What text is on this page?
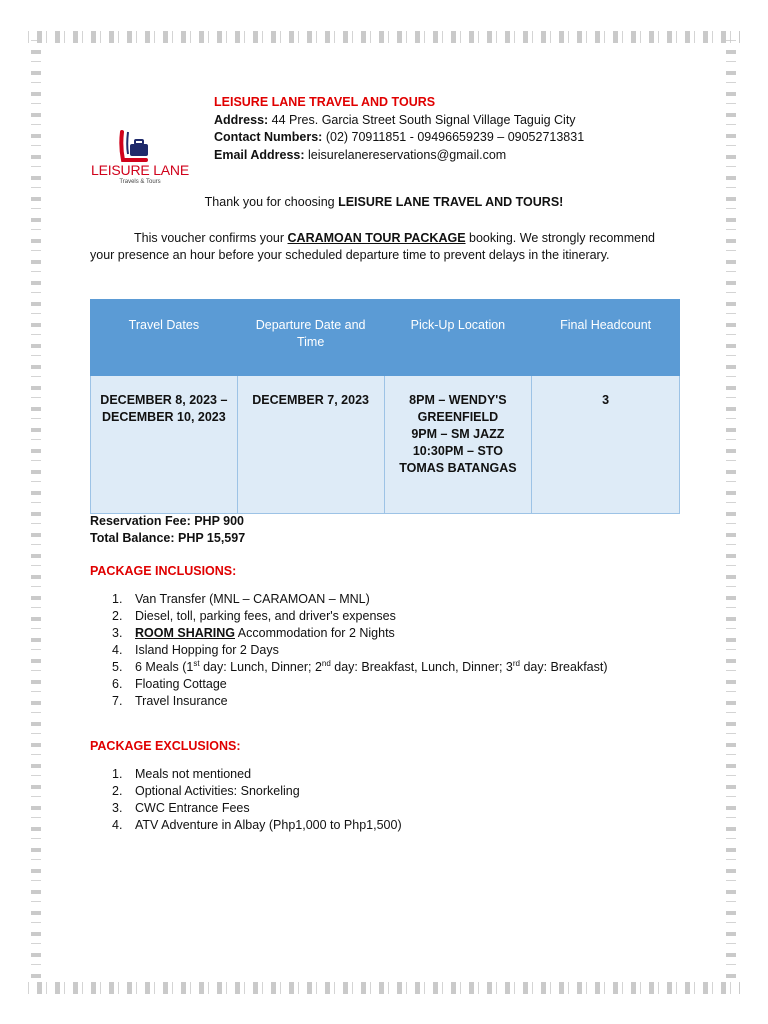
LEISURE LANE
Travels & Tours
LEISURE LANE TRAVEL AND TOURS
Address: 44 Pres. Garcia Street South Signal Village Taguig City
Contact Numbers: (02) 70911851 - 09496659239 – 09052713831
Email Address: leisurelanereservations@gmail.com
Thank you for choosing LEISURE LANE TRAVEL AND TOURS!
This voucher confirms your CARAMOAN TOUR PACKAGE booking. We strongly recommend your presence an hour before your scheduled departure time to prevent delays in the itinerary.
Travel Dates	Departure Date and Time	Pick-Up Location	Final Headcount
DECEMBER 8, 2023 – DECEMBER 10, 2023	DECEMBER 7, 2023	8PM – WENDY'S GREENFIELD
9PM – SM JAZZ
10:30PM – STO TOMAS BATANGAS	3
Reservation Fee: PHP 900
Total Balance: PHP 15,597
PACKAGE INCLUSIONS:
1. Van Transfer (MNL – CARAMOAN – MNL)
2. Diesel, toll, parking fees, and driver's expenses
3. ROOM SHARING Accommodation for 2 Nights
4. Island Hopping for 2 Days
5. 6 Meals (1st day: Lunch, Dinner; 2nd day: Breakfast, Lunch, Dinner; 3rd day: Breakfast)
6. Floating Cottage
7. Travel Insurance
PACKAGE EXCLUSIONS:
1. Meals not mentioned
2. Optional Activities: Snorkeling
3. CWC Entrance Fees
4. ATV Adventure in Albay (Php1,000 to Php1,500)
